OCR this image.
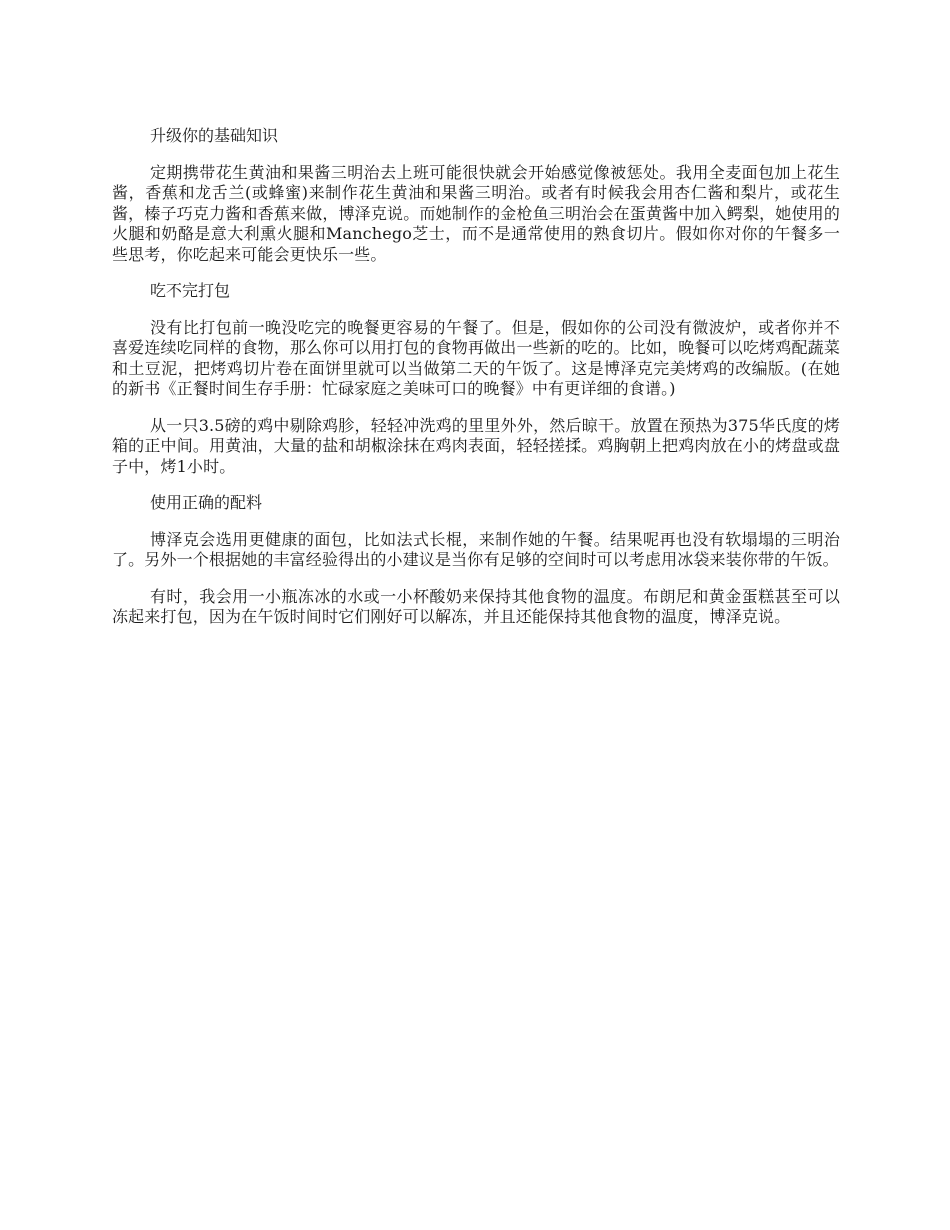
升级你的基础知识

定期携带花生黄油和果酱三明治去上班可能很快就会开始感觉像被惩处。我用全麦面包加上花生酱，香蕉和龙舌兰(或蜂蜜)来制作花生黄油和果酱三明治。或者有时候我会用杏仁酱和梨片，或花生酱，榛子巧克力酱和香蕉来做，博泽克说。而她制作的金枪鱼三明治会在蛋黄酱中加入鳄梨，她使用的火腿和奶酪是意大利熏火腿和Manchego芝士，而不是通常使用的熟食切片。假如你对你的午餐多一些思考，你吃起来可能会更快乐一些。

吃不完打包

没有比打包前一晚没吃完的晚餐更容易的午餐了。但是，假如你的公司没有微波炉，或者你并不喜爱连续吃同样的食物，那么你可以用打包的食物再做出一些新的吃的。比如，晚餐可以吃烤鸡配蔬菜和土豆泥，把烤鸡切片卷在面饼里就可以当做第二天的午饭了。这是博泽克完美烤鸡的改编版。(在她的新书《正餐时间生存手册：忙碌家庭之美味可口的晚餐》中有更详细的食谱。)

从一只3.5磅的鸡中剔除鸡胗，轻轻冲洗鸡的里里外外，然后晾干。放置在预热为375华氏度的烤箱的正中间。用黄油，大量的盐和胡椒涂抹在鸡肉表面，轻轻搓揉。鸡胸朝上把鸡肉放在小的烤盘或盘子中，烤1小时。

使用正确的配料

博泽克会选用更健康的面包，比如法式长棍，来制作她的午餐。结果呢再也没有软塌塌的三明治了。另外一个根据她的丰富经验得出的小建议是当你有足够的空间时可以考虑用冰袋来装你带的午饭。

有时，我会用一小瓶冻冰的水或一小杯酸奶来保持其他食物的温度。布朗尼和黄金蛋糕甚至可以冻起来打包，因为在午饭时间时它们刚好可以解冻，并且还能保持其他食物的温度，博泽克说。
